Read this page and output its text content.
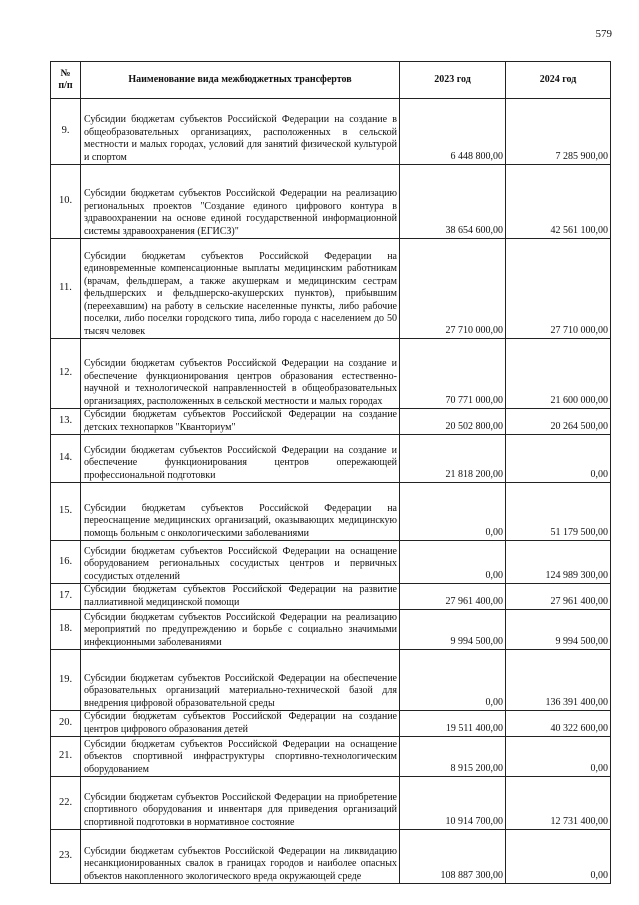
579
№
п/п	Наименование вида межбюджетных трансфертов	2023 год	2024 год
9.	Субсидии бюджетам субъектов Российской Федерации на создание в общеобразовательных организациях, расположенных в сельской местности и малых городах, условий для занятий физической культурой и спортом	6 448 800,00	7 285 900,00
10.	Субсидии бюджетам субъектов Российской Федерации на реализацию региональных проектов "Создание единого цифрового контура в здравоохранении на основе единой государственной информационной системы здравоохранения (ЕГИСЗ)"	38 654 600,00	42 561 100,00
11.	Субсидии бюджетам субъектов Российской Федерации на единовременные компенсационные выплаты медицинским работникам (врачам, фельдшерам, а также акушеркам и медицинским сестрам фельдшерских и фельдшерско-акушерских пунктов), прибывшим (переехавшим) на работу в сельские населенные пункты, либо рабочие поселки, либо поселки городского типа, либо города с населением до 50 тысяч человек	27 710 000,00	27 710 000,00
12.	Субсидии бюджетам субъектов Российской Федерации на создание и обеспечение функционирования центров образования естественно-научной и технологической направленностей в общеобразовательных организациях, расположенных в сельской местности и малых городах	70 771 000,00	21 600 000,00
13.	Субсидии бюджетам субъектов Российской Федерации на создание детских технопарков "Кванториум"	20 502 800,00	20 264 500,00
14.	Субсидии бюджетам субъектов Российской Федерации на создание и обеспечение функционирования центров опережающей профессиональной подготовки	21 818 200,00	0,00
15.	Субсидии бюджетам субъектов Российской Федерации на переоснащение медицинских организаций, оказывающих медицинскую помощь больным с онкологическими заболеваниями	0,00	51 179 500,00
16.	Субсидии бюджетам субъектов Российской Федерации на оснащение оборудованием региональных сосудистых центров и первичных сосудистых отделений	0,00	124 989 300,00
17.	Субсидии бюджетам субъектов Российской Федерации на развитие паллиативной медицинской помощи	27 961 400,00	27 961 400,00
18.	Субсидии бюджетам субъектов Российской Федерации на реализацию мероприятий по предупреждению и борьбе с социально значимыми инфекционными заболеваниями	9 994 500,00	9 994 500,00
19.	Субсидии бюджетам субъектов Российской Федерации на обеспечение образовательных организаций материально-технической базой для внедрения цифровой образовательной среды	0,00	136 391 400,00
20.	Субсидии бюджетам субъектов Российской Федерации на создание центров цифрового образования детей	19 511 400,00	40 322 600,00
21.	Субсидии бюджетам субъектов Российской Федерации на оснащение объектов спортивной инфраструктуры спортивно-технологическим оборудованием	8 915 200,00	0,00
22.	Субсидии бюджетам субъектов Российской Федерации на приобретение спортивного оборудования и инвентаря для приведения организаций спортивной подготовки в нормативное состояние	10 914 700,00	12 731 400,00
23.	Субсидии бюджетам субъектов Российской Федерации на ликвидацию несанкционированных свалок в границах городов и наиболее опасных объектов накопленного экологического вреда окружающей среде	108 887 300,00	0,00
